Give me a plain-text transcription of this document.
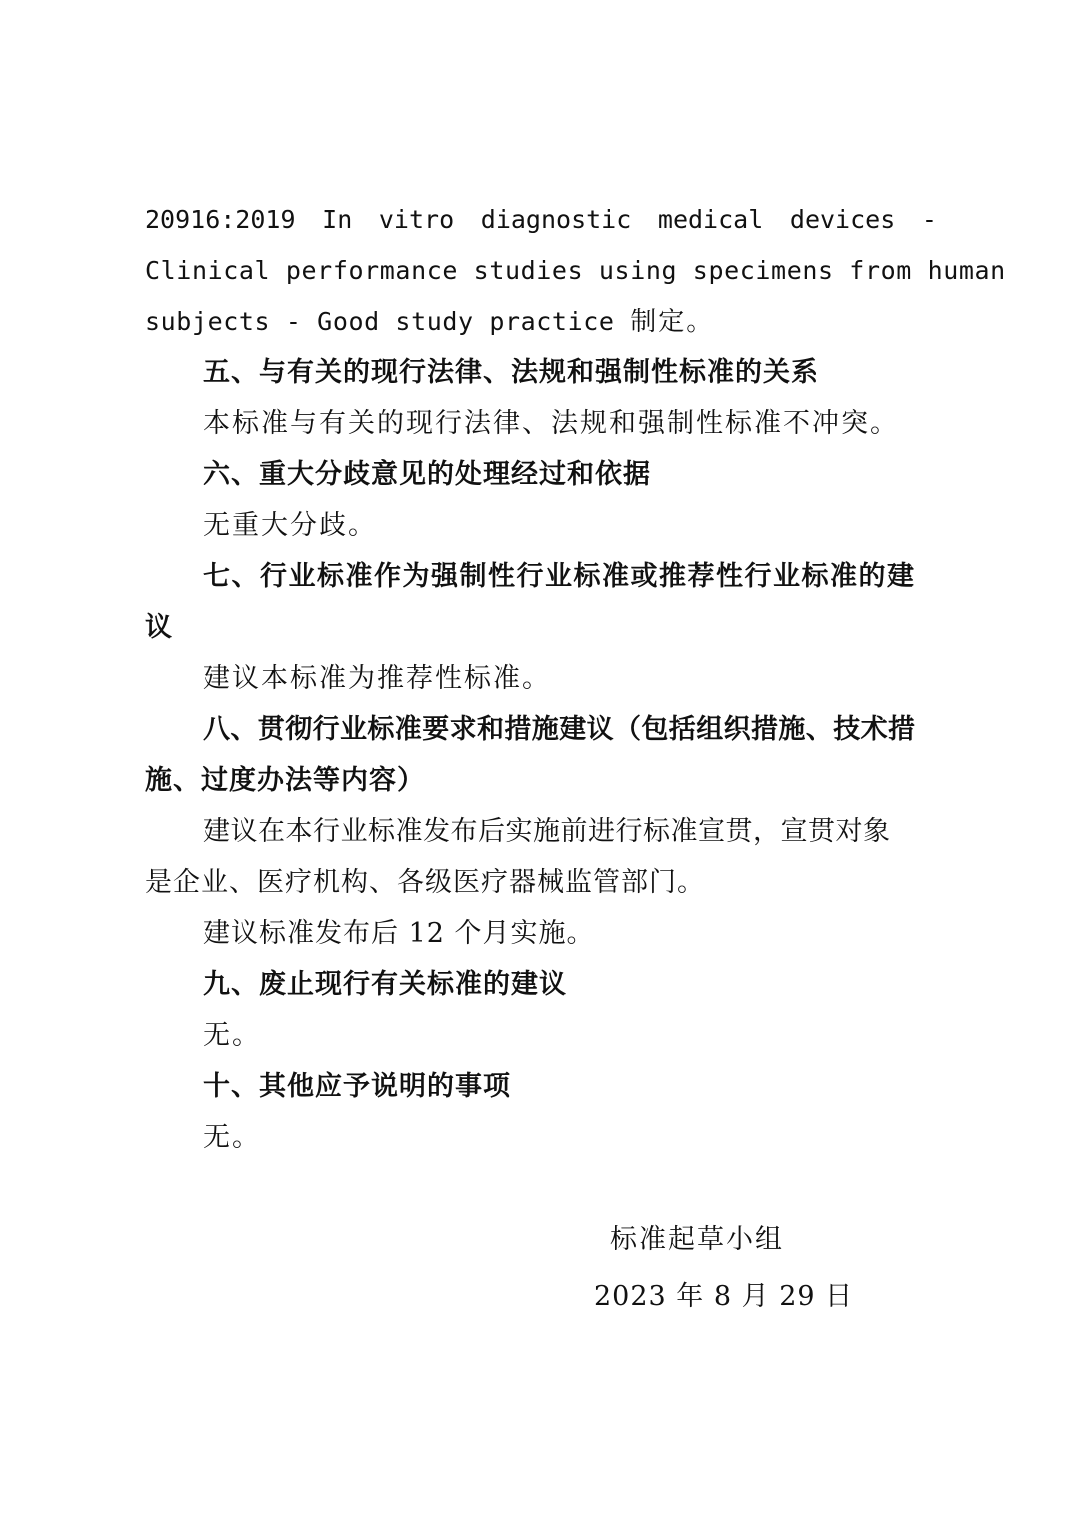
20916:2019 In vitro diagnostic medical devices -
Clinical performance studies using specimens from human
subjects - Good study practice 制定。
五、与有关的现行法律、法规和强制性标准的关系
本标准与有关的现行法律、法规和强制性标准不冲突。
六、重大分歧意见的处理经过和依据
无重大分歧。
七、行业标准作为强制性行业标准或推荐性行业标准的建
议
建议本标准为推荐性标准。
八、贯彻行业标准要求和措施建议（包括组织措施、技术措
施、过度办法等内容）
建议在本行业标准发布后实施前进行标准宣贯，宣贯对象
是企业、医疗机构、各级医疗器械监管部门。
建议标准发布后 12 个月实施。
九、废止现行有关标准的建议
无。
十、其他应予说明的事项
无。
标准起草小组
2023 年 8 月 29 日
